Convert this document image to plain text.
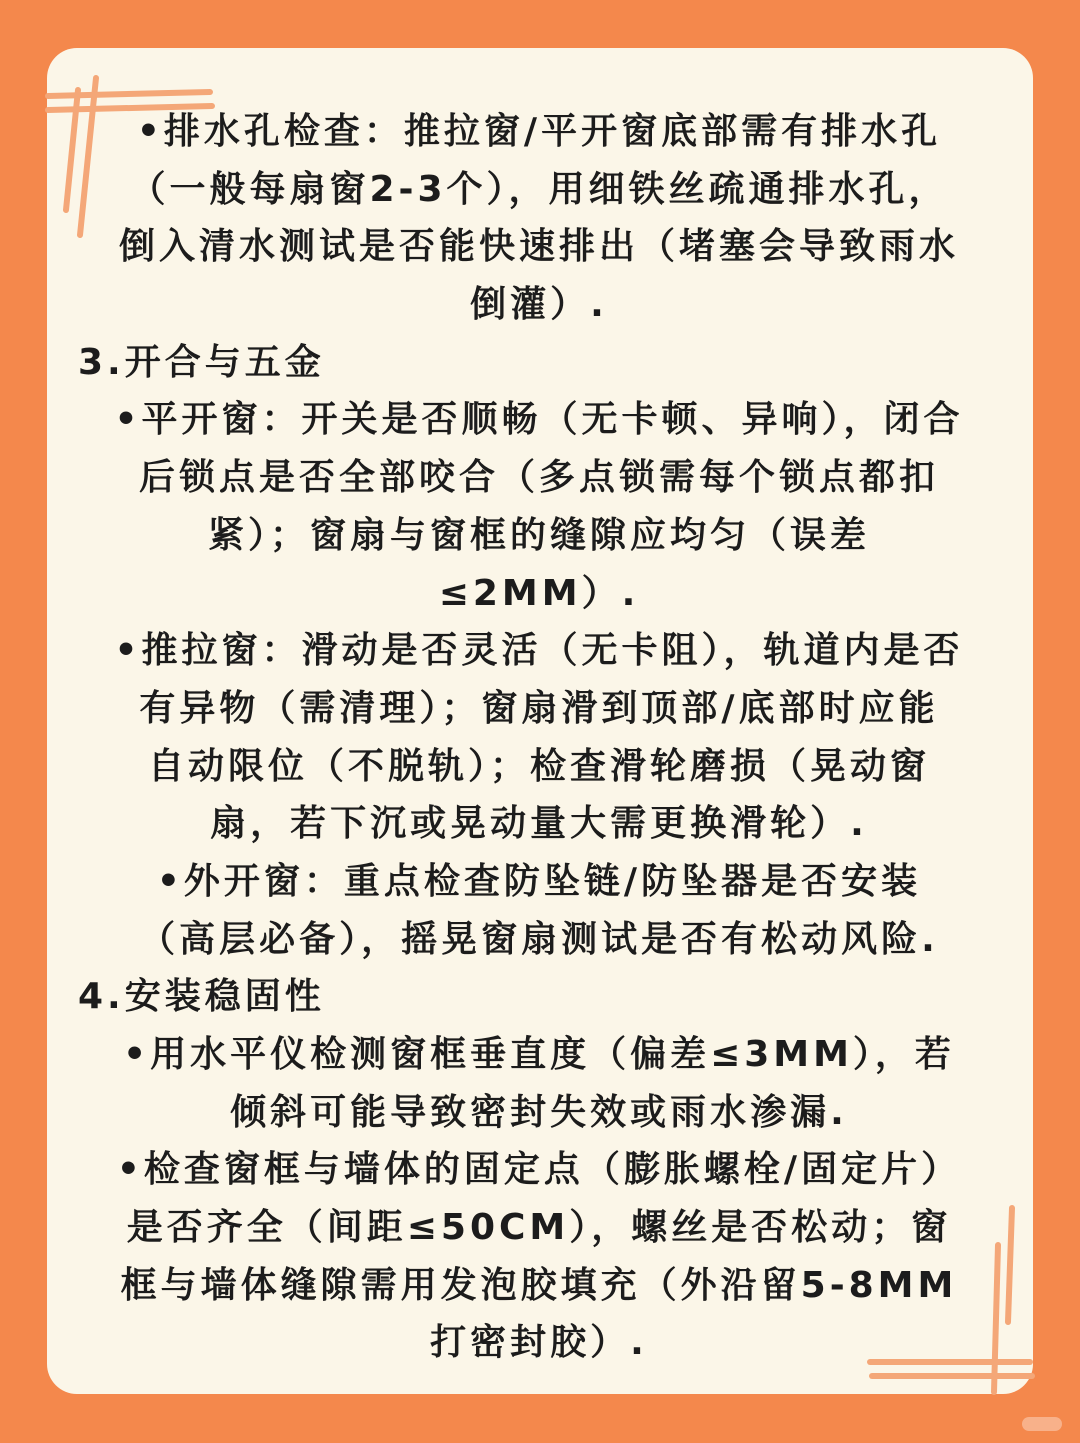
•排水孔检查：推拉窗/平开窗底部需有排水孔
（一般每扇窗2-3个），用细铁丝疏通排水孔，
倒入清水测试是否能快速排出（堵塞会导致雨水
倒灌）.
3.开合与五金
•平开窗：开关是否顺畅（无卡顿、异响），闭合
后锁点是否全部咬合（多点锁需每个锁点都扣
紧）；窗扇与窗框的缝隙应均匀（误差
≤2MM）.
•推拉窗：滑动是否灵活（无卡阻），轨道内是否
有异物（需清理）；窗扇滑到顶部/底部时应能
自动限位（不脱轨）；检查滑轮磨损（晃动窗
扇，若下沉或晃动量大需更换滑轮）.
•外开窗：重点检查防坠链/防坠器是否安装
（高层必备），摇晃窗扇测试是否有松动风险.
4.安装稳固性
•用水平仪检测窗框垂直度（偏差≤3MM），若
倾斜可能导致密封失效或雨水渗漏.
•检查窗框与墙体的固定点（膨胀螺栓/固定片）
是否齐全（间距≤50CM），螺丝是否松动；窗
框与墙体缝隙需用发泡胶填充（外沿留5-8MM
打密封胶）.
